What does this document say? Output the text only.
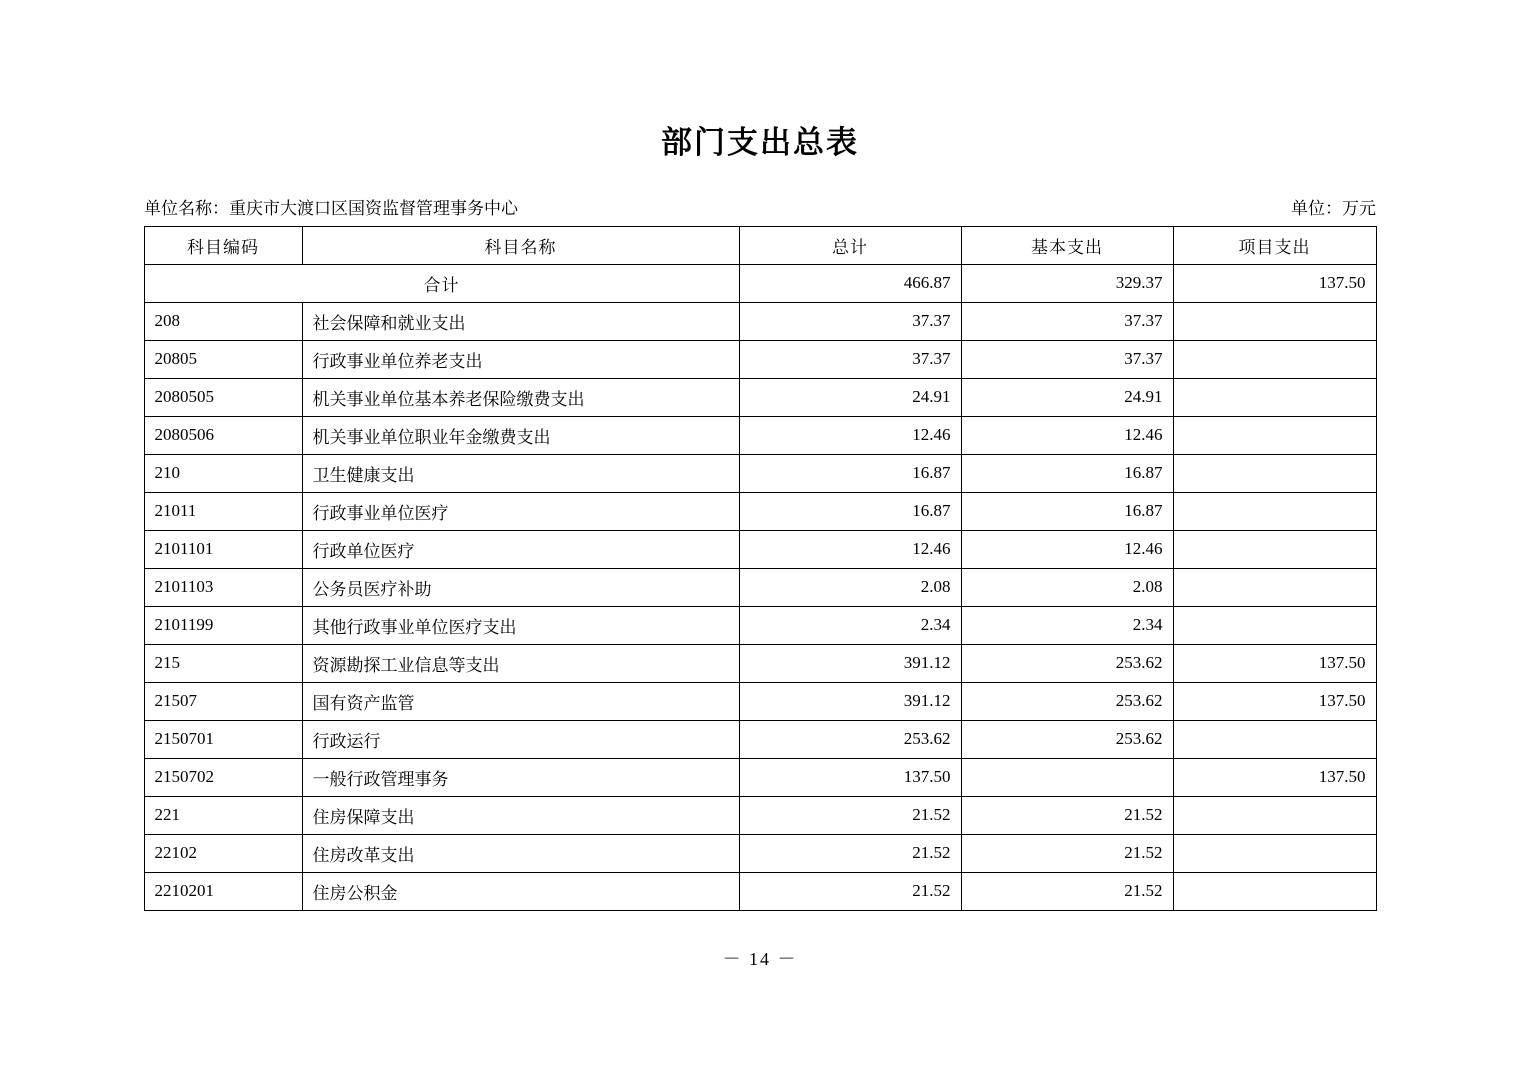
部门支出总表
单位名称：重庆市大渡口区国资监督管理事务中心	单位：万元
科目编码	科目名称	总计	基本支出	项目支出
合计		466.87	329.37	137.50
208	社会保障和就业支出	37.37	37.37	
20805	行政事业单位养老支出	37.37	37.37	
2080505	机关事业单位基本养老保险缴费支出	24.91	24.91	
2080506	机关事业单位职业年金缴费支出	12.46	12.46	
210	卫生健康支出	16.87	16.87	
21011	行政事业单位医疗	16.87	16.87	
2101101	行政单位医疗	12.46	12.46	
2101103	公务员医疗补助	2.08	2.08	
2101199	其他行政事业单位医疗支出	2.34	2.34	
215	资源勘探工业信息等支出	391.12	253.62	137.50
21507	国有资产监管	391.12	253.62	137.50
2150701	行政运行	253.62	253.62	
2150702	一般行政管理事务	137.50		137.50
221	住房保障支出	21.52	21.52	
22102	住房改革支出	21.52	21.52	
2210201	住房公积金	21.52	21.52	
－ 14 －
